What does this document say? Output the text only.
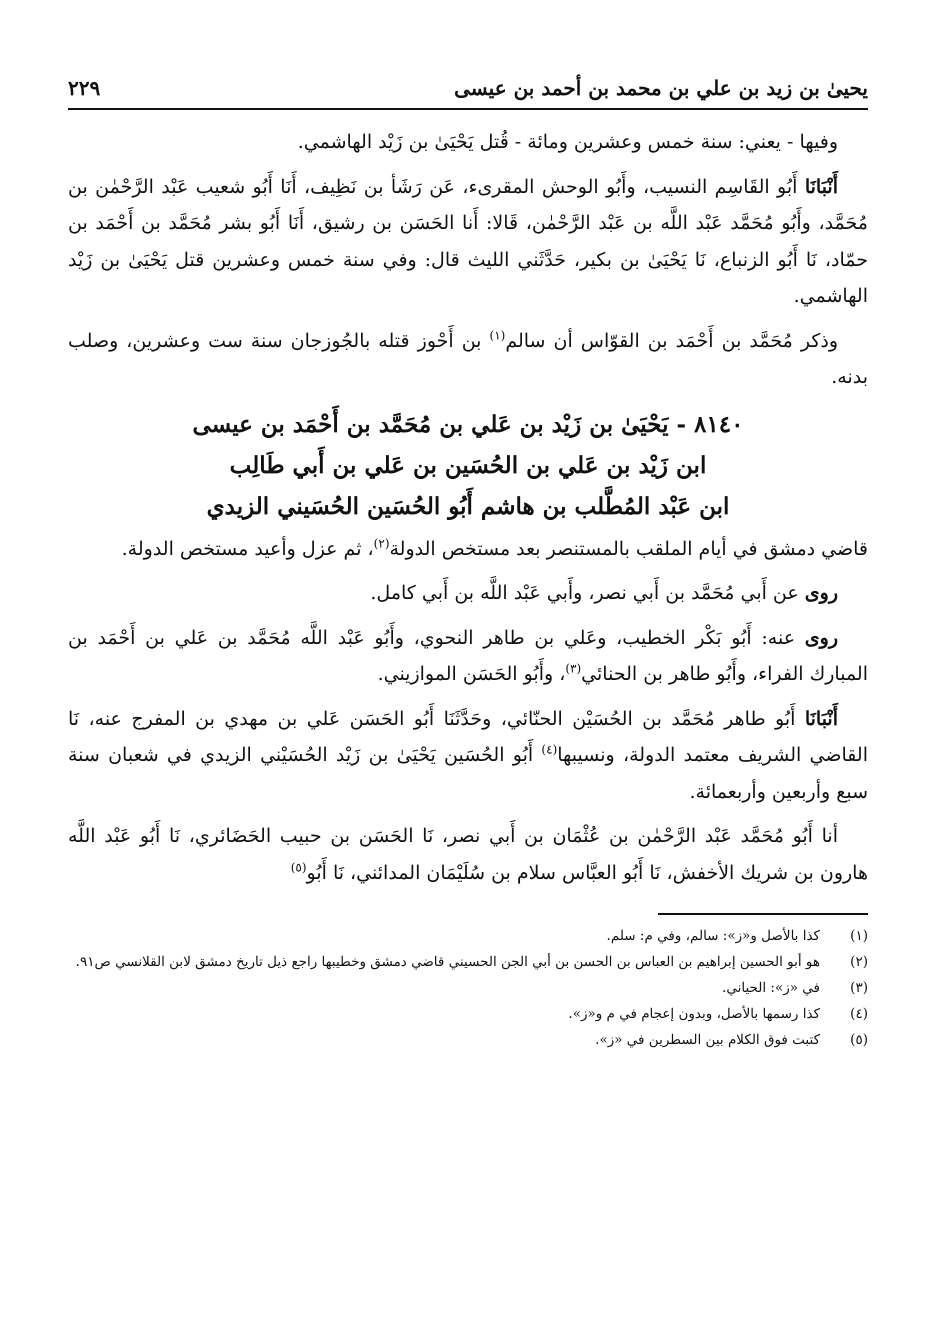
يحيىٰ بن زيد بن علي بن محمد بن أحمد بن عيسى
٢٢٩

وفيها - يعني: سنة خمس وعشرين ومائة - قُتل يَحْيَىٰ بن زَيْد الهاشمي.

أَنْبَانَا أَبُو القَاسِم النسيب، وأَبُو الوحش المقرىء، عَن رَشَأ بن نَظِيف، أَنَا أَبُو شعيب عَبْد الرَّحْمٰن بن مُحَمَّد، وأَبُو مُحَمَّد عَبْد اللَّه بن عَبْد الرَّحْمٰن، قَالا: أَنا الحَسَن بن رشيق، أَنَا أَبُو بشر مُحَمَّد بن أَحْمَد بن حمّاد، نَا أَبُو الزنباع، نَا يَحْيَىٰ بن بكير، حَدَّثَني الليث قال: وفي سنة خمس وعشرين قتل يَحْيَىٰ بن زَيْد الهاشمي.

وذكر مُحَمَّد بن أَحْمَد بن القوّاس أن سالم$^{(١)}$ بن أَحْوز قتله بالجُوزجان سنة ست وعشرين، وصلب بدنه.

٨١٤٠ - يَحْيَىٰ بن زَيْد بن عَلي بن مُحَمَّد بن أَحْمَد بن عيسى
ابن زَيْد بن عَلي بن الحُسَين بن عَلي بن أَبي طَالِب
ابن عَبْد المُطَّلب بن هاشم أَبُو الحُسَين الحُسَيني الزيدي

قاضي دمشق في أيام الملقب بالمستنصر بعد مستخص الدولة$^{(٢)}$، ثم عزل وأعيد مستخص الدولة.

روى عن أَبي مُحَمَّد بن أَبي نصر، وأَبي عَبْد اللَّه بن أَبي كامل.

روى عنه: أَبُو بَكْر الخطيب، وعَلي بن طاهر النحوي، وأَبُو عَبْد اللَّه مُحَمَّد بن عَلي بن أَحْمَد بن المبارك الفراء، وأَبُو طاهر بن الحنائي$^{(٣)}$، وأَبُو الحَسَن الموازيني.

أَنْبَانَا أَبُو طاهر مُحَمَّد بن الحُسَيْن الحنّائي، وحَدَّثَنَا أَبُو الحَسَن عَلي بن مهدي بن المفرج عنه، نَا القاضي الشريف معتمد الدولة، ونسيبها$^{(٤)}$ أَبُو الحُسَين يَحْيَىٰ بن زَيْد الحُسَيْني الزيدي في شعبان سنة سبع وأربعين وأربعمائة.

أنا أَبُو مُحَمَّد عَبْد الرَّحْمٰن بن عُثْمَان بن أَبي نصر، نَا الحَسَن بن حبيب الحَضَائري، نَا أَبُو عَبْد اللَّه هارون بن شريك الأخفش، نَا أَبُو العبَّاس سلام بن سُلَيْمَان المدائني، نَا أَبُو$^{(٥)}$

(١)
كذا بالأصل و«ز»: سالم، وفي م: سلم.
(٢)
هو أبو الحسين إبراهيم بن العباس بن الحسن بن أبي الجن الحسيني قاضي دمشق وخطيبها راجع ذيل تاريخ دمشق لابن القلانسي ص٩١.
(٣)
في «ز»: الحياني.
(٤)
كذا رسمها بالأصل، وبدون إعجام في م و«ز».
(٥)
كتبت فوق الكلام بين السطرين في «ز».
